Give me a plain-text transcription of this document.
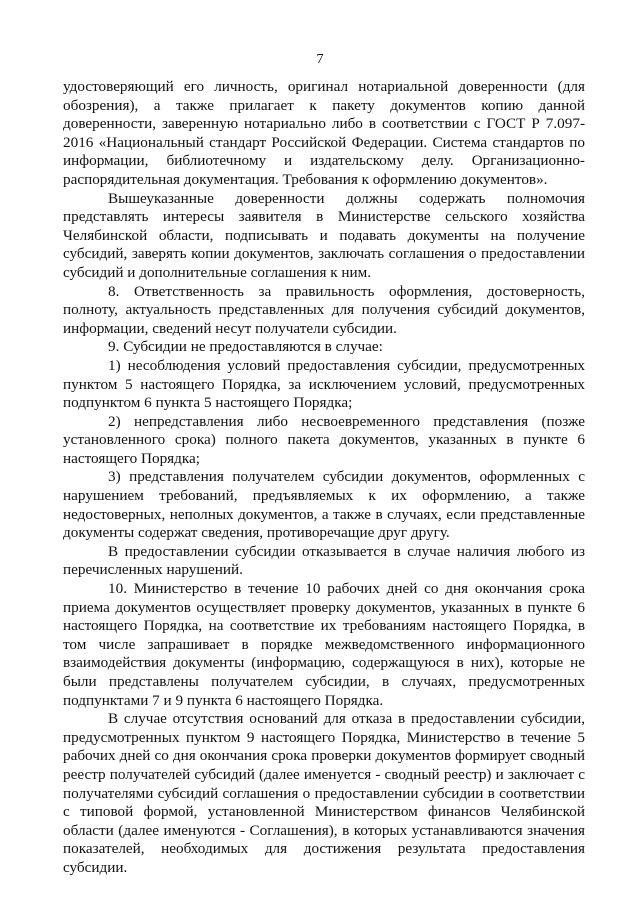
7

удостоверяющий его личность, оригинал нотариальной доверенности (для обозрения), а также прилагает к пакету документов копию данной доверенности, заверенную нотариально либо в соответствии с ГОСТ Р 7.097-2016 «Национальный стандарт Российской Федерации. Система стандартов по информации, библиотечному и издательскому делу. Организационно-распорядительная документация. Требования к оформлению документов».

Вышеуказанные доверенности должны содержать полномочия представлять интересы заявителя в Министерстве сельского хозяйства Челябинской области, подписывать и подавать документы на получение субсидий, заверять копии документов, заключать соглашения о предоставлении субсидий и дополнительные соглашения к ним.

8. Ответственность за правильность оформления, достоверность, полноту, актуальность представленных для получения субсидий документов, информации, сведений несут получатели субсидии.

9. Субсидии не предоставляются в случае:

1) несоблюдения условий предоставления субсидии, предусмотренных пунктом 5 настоящего Порядка, за исключением условий, предусмотренных подпунктом 6 пункта 5 настоящего Порядка;

2) непредставления либо несвоевременного представления (позже установленного срока) полного пакета документов, указанных в пункте 6 настоящего Порядка;

3) представления получателем субсидии документов, оформленных с нарушением требований, предъявляемых к их оформлению, а также недостоверных, неполных документов, а также в случаях, если представленные документы содержат сведения, противоречащие друг другу.

В предоставлении субсидии отказывается в случае наличия любого из перечисленных нарушений.

10. Министерство в течение 10 рабочих дней со дня окончания срока приема документов осуществляет проверку документов, указанных в пункте 6 настоящего Порядка, на соответствие их требованиям настоящего Порядка, в том числе запрашивает в порядке межведомственного информационного взаимодействия документы (информацию, содержащуюся в них), которые не были представлены получателем субсидии, в случаях, предусмотренных подпунктами 7 и 9 пункта 6 настоящего Порядка.

В случае отсутствия оснований для отказа в предоставлении субсидии, предусмотренных пунктом 9 настоящего Порядка, Министерство в течение 5 рабочих дней со дня окончания срока проверки документов формирует сводный реестр получателей субсидий (далее именуется - сводный реестр) и заключает с получателями субсидий соглашения о предоставлении субсидии в соответствии с типовой формой, установленной Министерством финансов Челябинской области (далее именуются - Соглашения), в которых устанавливаются значения показателей, необходимых для достижения результата предоставления субсидии.
